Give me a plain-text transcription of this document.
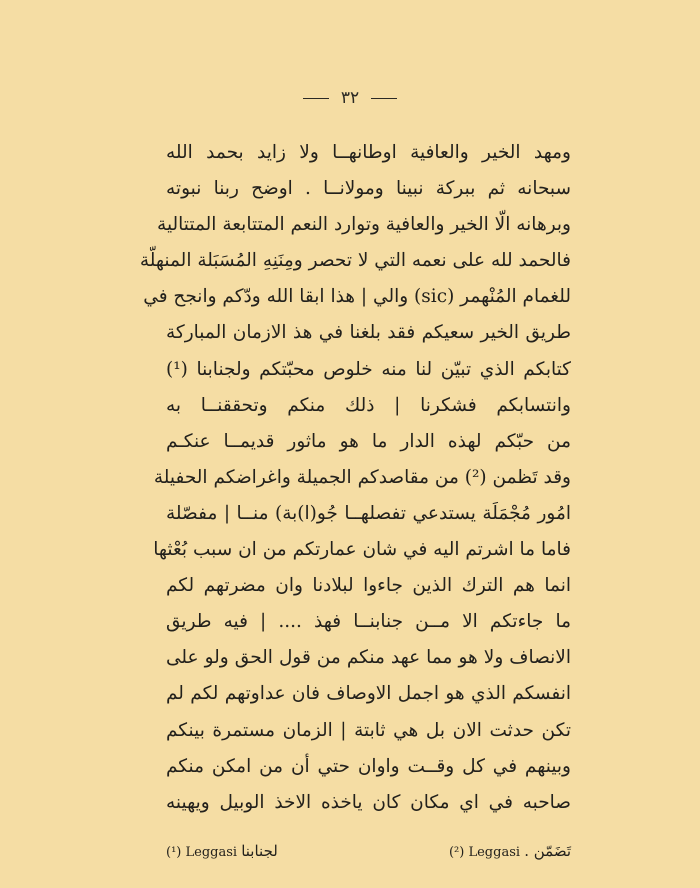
٣٢
ومهد الخير والعافية اوطانهــا ولا زايد بحمد الله
سبحانه ثم ببركة نبينا ومولانــا . اوضح ربنا نبوته
وبرهانه الّا الخير والعافية وتوارد النعم المتتابعة المتتالية
فالحمد لله على نعمه التي لا تحصر ومِنَنِهِ المُسَبَلة المنهلّة
للغمام المُنْهمر (sic) والي | هذا ابقا الله ودّكم وانجح في
طريق الخير سعيكم فقد بلغنا في هذ الازمان المباركة
كتابكم الذي تبيّن لنا منه خلوص محبّتكم ولجنابنا (¹)
وانتسابكم فشكرنا | ذلك منكم وتحققنــا به
من حبّكم لهذه الدار ما هو ماثور قديمــا عنكـم
وقد تَظمن (²) من مقاصدكم الجميلة واغراضكم الحفيلة
امُور مُجْمَلَة يستدعي تفصلهــا جُو(ا)بة) منــا | مفصّلة
فاما ما اشرتم اليه في شان عمارتكم من ان سبب بُعْثها
انما هم الترك الذين جاءوا لبلادنا وان مضرتهم لكم
ما جاءتكم الا مــن جنابنــا فهذ .... | فيه طريق
الانصاف ولا هو مما عهد منكم من قول الحق ولو على
انفسكم الذي هو اجمل الاوصاف فان عداوتهم لكم لم
تكن حدثت الان بل هي ثابتة | الزمان مستمرة بينكم
وبينهم في كل وقــت واوان حتي أن من امكن منكم
صاحبه في اي مكان كان ياخذه الاخذ الوبيل ويهينه
(¹) Leggasi لجنابنا	(²) Leggasi تَضَمّن .
